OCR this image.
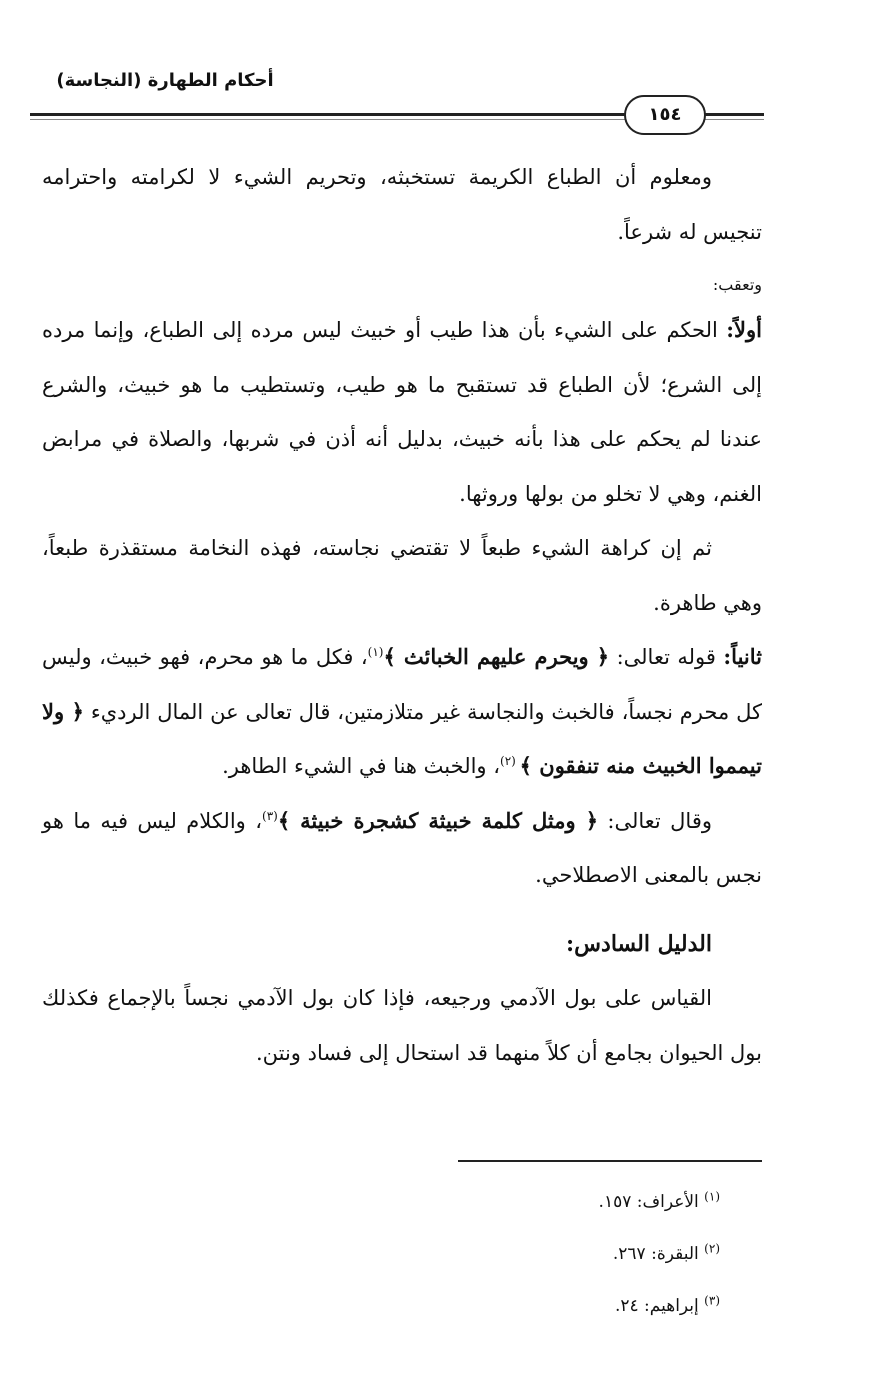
أحكام الطهارة (النجاسة)
١٥٤

ومعلوم أن الطباع الكريمة تستخبثه، وتحريم الشيء لا لكرامته واحترامه تنجيس له شرعاً.

وتعقب:

أولاً: الحكم على الشيء بأن هذا طيب أو خبيث ليس مرده إلى الطباع، وإنما مرده إلى الشرع؛ لأن الطباع قد تستقبح ما هو طيب، وتستطيب ما هو خبيث، والشرع عندنا لم يحكم على هذا بأنه خبيث، بدليل أنه أذن في شربها، والصلاة في مرابض الغنم، وهي لا تخلو من بولها وروثها.

ثم إن كراهة الشيء طبعاً لا تقتضي نجاسته، فهذه النخامة مستقذرة طبعاً، وهي طاهرة.

ثانياً: قوله تعالى: ﴿ ويحرم عليهم الخبائث ﴾$^{(١)}$، فكل ما هو محرم، فهو خبيث، وليس كل محرم نجساً، فالخبث والنجاسة غير متلازمتين، قال تعالى عن المال الرديء ﴿ ولا تيمموا الخبيث منه تنفقون ﴾ $^{(٢)}$، والخبث هنا في الشيء الطاهر.

وقال تعالى: ﴿ ومثل كلمة خبيثة كشجرة خبيثة ﴾$^{(٣)}$، والكلام ليس فيه ما هو نجس بالمعنى الاصطلاحي.

الدليل السادس:

القياس على بول الآدمي ورجيعه، فإذا كان بول الآدمي نجساً بالإجماع فكذلك بول الحيوان بجامع أن كلاً منهما قد استحال إلى فساد ونتن.

$^{(١)}$ الأعراف: ١٥٧.
$^{(٢)}$ البقرة: ٢٦٧.
$^{(٣)}$ إبراهيم: ٢٤.
